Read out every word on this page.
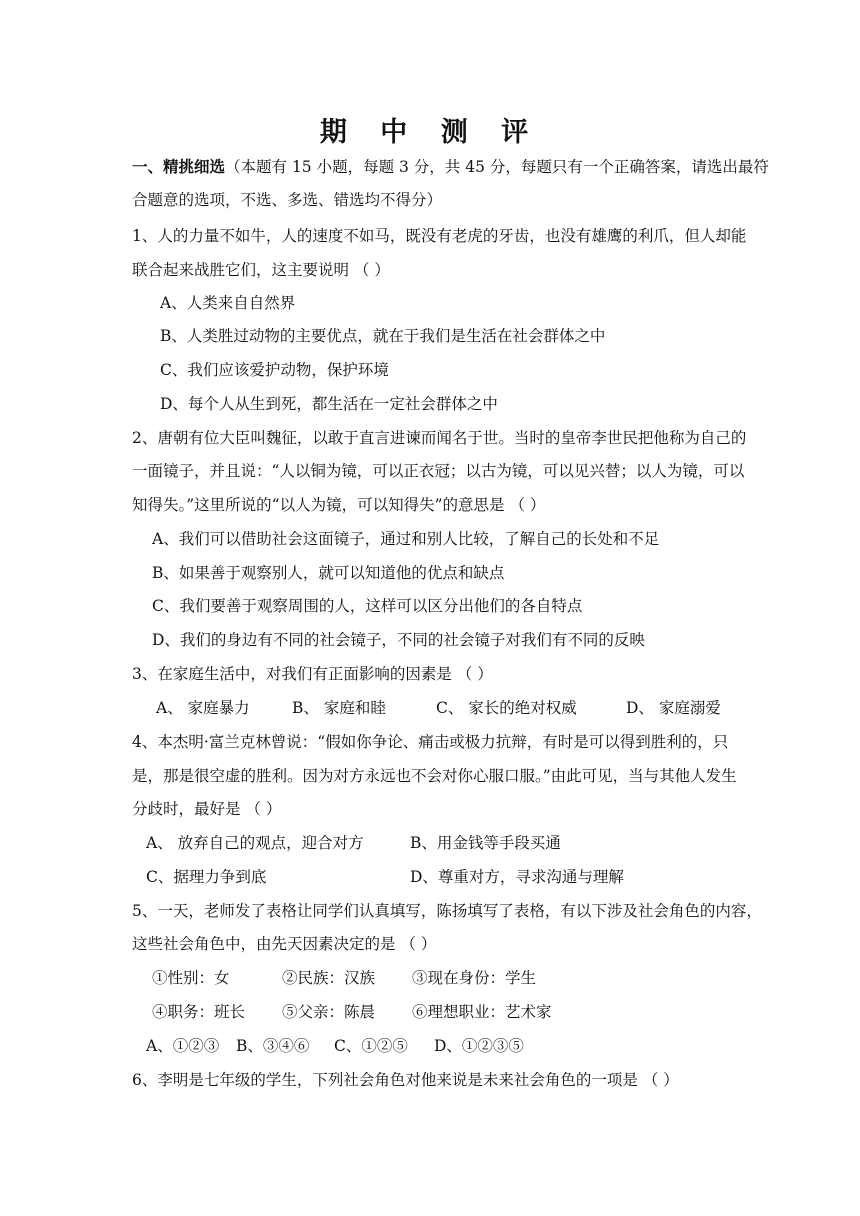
期 中 测 评
一、精挑细选（本题有 15 小题，每题 3 分，共 45 分，每题只有一个正确答案，请选出最符
合题意的选项，不选、多选、错选均不得分）
1、人的力量不如牛，人的速度不如马，既没有老虎的牙齿，也没有雄鹰的利爪，但人却能
联合起来战胜它们，这主要说明 （ ）
A、人类来自自然界
B、人类胜过动物的主要优点，就在于我们是生活在社会群体之中
C、我们应该爱护动物，保护环境
D、每个人从生到死，都生活在一定社会群体之中
2、唐朝有位大臣叫魏征，以敢于直言进谏而闻名于世。当时的皇帝李世民把他称为自己的
一面镜子，并且说：“人以铜为镜，可以正衣冠；以古为镜，可以见兴替；以人为镜，可以
知得失。”这里所说的“以人为镜，可以知得失”的意思是 （ ）
A、我们可以借助社会这面镜子，通过和别人比较，了解自己的长处和不足
B、如果善于观察别人，就可以知道他的优点和缺点
C、我们要善于观察周围的人，这样可以区分出他们的各自特点
D、我们的身边有不同的社会镜子，不同的社会镜子对我们有不同的反映
3、在家庭生活中，对我们有正面影响的因素是 （ ）
A、 家庭暴力	B、 家庭和睦	C、 家长的绝对权威	D、 家庭溺爱
4、本杰明·富兰克林曾说：“假如你争论、痛击或极力抗辩，有时是可以得到胜利的，只
是，那是很空虚的胜利。因为对方永远也不会对你心服口服。”由此可见，当与其他人发生
分歧时，最好是 （ ）
A、 放弃自己的观点，迎合对方	B、用金钱等手段买通
C、据理力争到底	D、尊重对方，寻求沟通与理解
5、一天，老师发了表格让同学们认真填写，陈扬填写了表格，有以下涉及社会角色的内容，
这些社会角色中，由先天因素决定的是 （ ）
①性别：女	②民族：汉族 ③现在身份：学生
④职务：班长 ⑤父亲：陈晨 ⑥理想职业：艺术家
A、①②③ B、③④⑥ C、①②⑤ D、①②③⑤
6、李明是七年级的学生，下列社会角色对他来说是未来社会角色的一项是 （ ）
